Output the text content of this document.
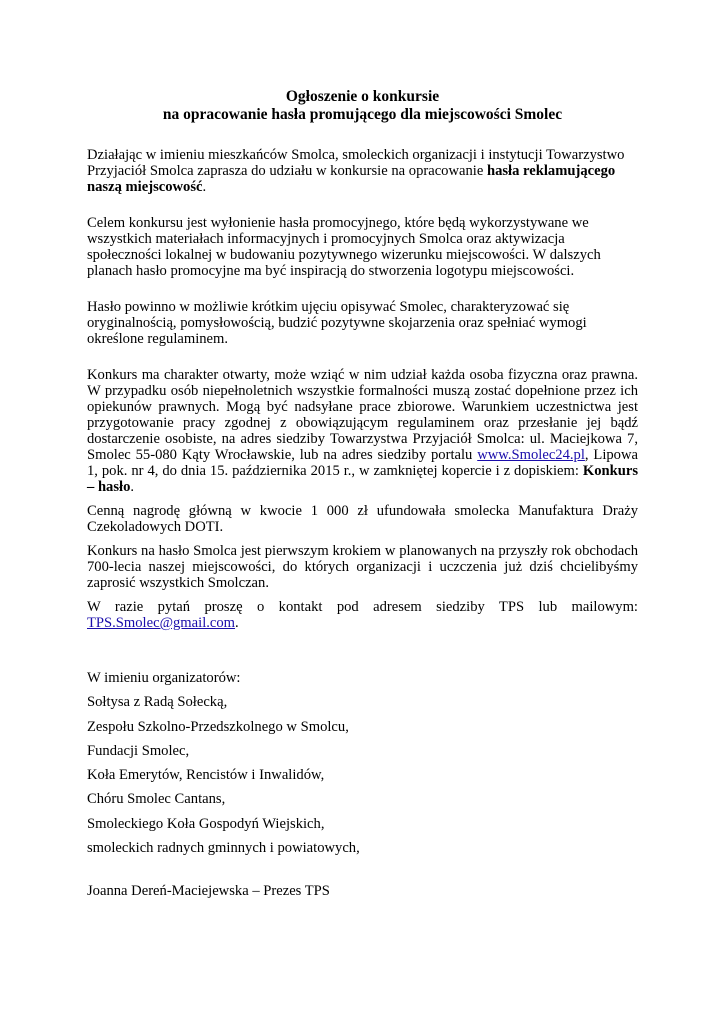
Ogłoszenie o konkursie
na opracowanie hasła promującego dla miejscowości Smolec

Działając w imieniu mieszkańców Smolca, smoleckich organizacji i instytucji Towarzystwo Przyjaciół Smolca zaprasza do udziału w konkursie na opracowanie hasła reklamującego naszą miejscowość.

Celem konkursu jest wyłonienie hasła promocyjnego, które będą wykorzystywane we wszystkich materiałach informacyjnych i promocyjnych Smolca oraz aktywizacja społeczności lokalnej w budowaniu pozytywnego wizerunku miejscowości. W dalszych planach hasło promocyjne ma być inspiracją do stworzenia logotypu miejscowości.

Hasło powinno w możliwie krótkim ujęciu opisywać Smolec, charakteryzować się oryginalnością, pomysłowością, budzić pozytywne skojarzenia oraz spełniać wymogi określone regulaminem.

Konkurs ma charakter otwarty, może wziąć w nim udział każda osoba fizyczna oraz prawna. W przypadku osób niepełnoletnich wszystkie formalności muszą zostać dopełnione przez ich opiekunów prawnych. Mogą być nadsyłane prace zbiorowe. Warunkiem uczestnictwa jest przygotowanie pracy zgodnej z obowiązującym regulaminem oraz przesłanie jej bądź dostarczenie osobiste, na adres siedziby Towarzystwa Przyjaciół Smolca: ul. Maciejkowa 7, Smolec 55-080 Kąty Wrocławskie, lub na adres siedziby portalu www.Smolec24.pl, Lipowa 1, pok. nr 4, do dnia 15. października 2015 r., w zamkniętej kopercie i z dopiskiem: Konkurs – hasło.

Cenną nagrodę główną w kwocie 1 000 zł ufundowała smolecka Manufaktura Draży Czekoladowych DOTI.

Konkurs na hasło Smolca jest pierwszym krokiem w planowanych na przyszły rok obchodach 700-lecia naszej miejscowości, do których organizacji i uczczenia już dziś chcielibyśmy zaprosić wszystkich Smolczan.

W razie pytań proszę o kontakt pod adresem siedziby TPS lub mailowym: TPS.Smolec@gmail.com.

W imieniu organizatorów:
Sołtysa z Radą Sołecką,
Zespołu Szkolno-Przedszkolnego w Smolcu,
Fundacji Smolec,
Koła Emerytów, Rencistów i Inwalidów,
Chóru Smolec Cantans,
Smoleckiego Koła Gospodyń Wiejskich,
smoleckich radnych gminnych i powiatowych,

Joanna Dereń-Maciejewska – Prezes TPS
